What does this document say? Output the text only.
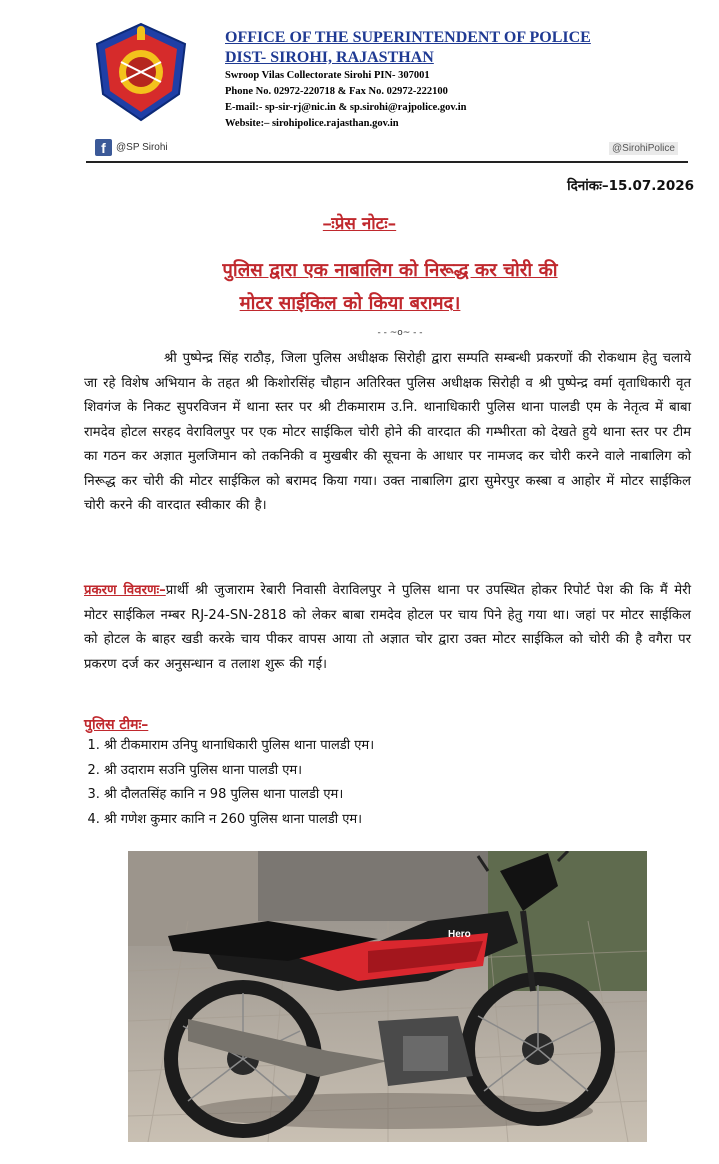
OFFICE OF THE SUPERINTENDENT OF POLICE
DIST- SIROHI, RAJASTHAN
Swroop Vilas Collectorate Sirohi PIN- 307001
Phone No. 02972-220718 & Fax No. 02972-222100
E-mail:- sp-sir-rj@nic.in & sp.sirohi@rajpolice.gov.in
Website:– sirohipolice.rajasthan.gov.in
f	@SP Sirohi	@SirohiPolice
दिनांकः–15.07.2026
–ःप्रेस नोटः–
पुलिस द्वारा एक नाबालिग को निरूद्ध कर चोरी की
मोटर साईकिल को किया बरामद।
- - ~o~ - -
श्री पुष्पेन्द्र सिंह राठौड़, जिला पुलिस अधीक्षक सिरोही द्वारा सम्पति सम्बन्धी प्रकरणों की रोकथाम हेतु चलाये जा रहे विशेष अभियान के तहत श्री किशोरसिंह चौहान अतिरिक्त पुलिस अधीक्षक सिरोही व श्री पुष्पेन्द्र वर्मा वृताधिकारी वृत शिवगंज के निकट सुपरविजन में थाना स्तर पर श्री टीकमाराम उ.नि. थानाधिकारी पुलिस थाना पालडी एम के नेतृत्व में बाबा रामदेव होटल सरहद वेराविलपुर पर एक मोटर साईकिल चोरी होने की वारदात की गम्भीरता को देखते हुये थाना स्तर पर टीम का गठन कर अज्ञात मुलजिमान को तकनिकी व मुखबीर की सूचना के आधार पर नामजद कर चोरी करने वाले नाबालिग को निरूद्ध कर चोरी की मोटर साईकिल को बरामद किया गया। उक्त नाबालिग द्वारा सुमेरपुर कस्बा व आहोर में मोटर साईकिल चोरी करने की वारदात स्वीकार की है।
प्रकरण विवरणः–प्रार्थी श्री जुजाराम रेबारी निवासी वेराविलपुर ने पुलिस थाना पर उपस्थित होकर रिपोर्ट पेश की कि मैं मेरी मोटर साईकिल नम्बर RJ-24-SN-2818 को लेकर बाबा रामदेव होटल पर चाय पिने हेतु गया था। जहां पर मोटर साईकिल को होटल के बाहर खडी करके चाय पीकर वापस आया तो अज्ञात चोर द्वारा उक्त मोटर साईकिल को चोरी की है वगैरा पर प्रकरण दर्ज कर अनुसन्धान व तलाश शुरू की गई।
पुलिस टीमः–
1. श्री टीकमाराम उनिपु थानाधिकारी पुलिस थाना पालडी एम।
2. श्री उदाराम सउनि पुलिस थाना पालडी एम।
3. श्री दौलतसिंह कानि न 98 पुलिस थाना पालडी एम।
4. श्री गणेश कुमार कानि न 260 पुलिस थाना पालडी एम।
Hero
